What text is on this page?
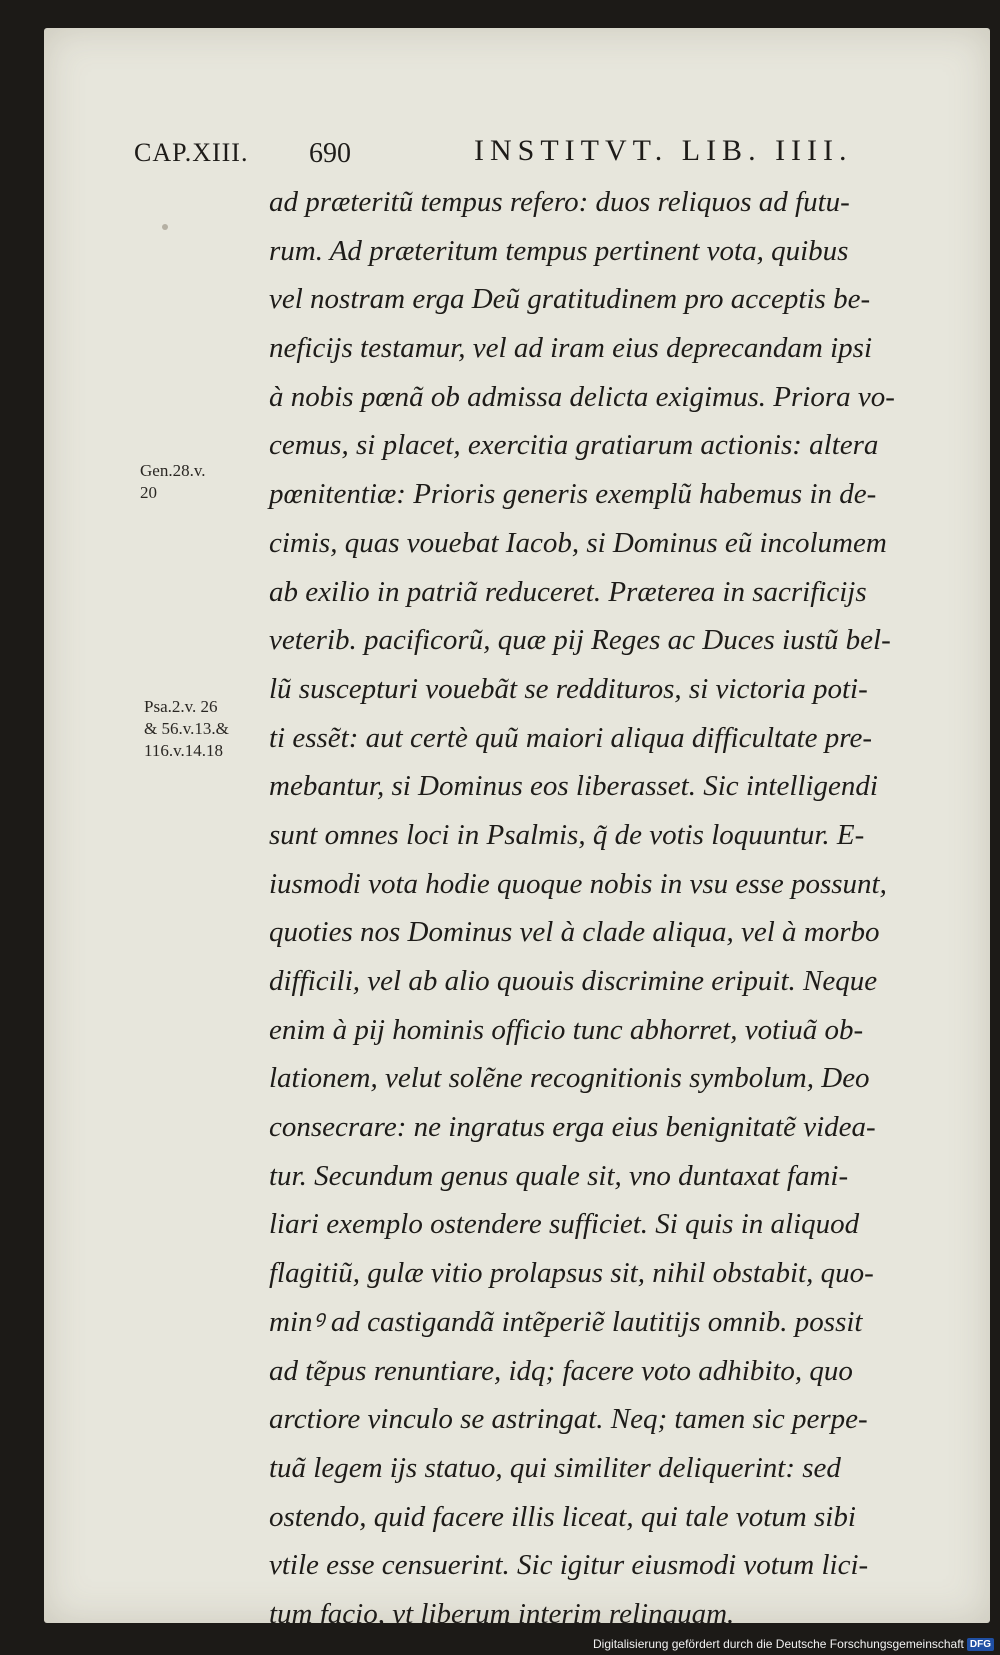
CAP.XIII. 690	INSTITVT. LIB. IIII.
Gen.28.v.
20
Psa.2.v. 26
& 56.v.13.&
116.v.14.18
ad præteritũ tempus refero: duos reliquos ad futu-
rum. Ad præteritum tempus pertinent vota, quibus
vel nostram erga Deũ gratitudinem pro acceptis be-
neficijs testamur, vel ad iram eius deprecandam ipsi
à nobis pœnã ob admissa delicta exigimus. Priora vo-
cemus, si placet, exercitia gratiarum actionis: altera
pœnitentiæ: Prioris generis exemplũ habemus in de-
cimis, quas vouebat Iacob, si Dominus eũ incolumem
ab exilio in patriã reduceret. Præterea in sacrificijs
veterib. pacificorũ, quæ pij Reges ac Duces iustũ bel-
lũ suscepturi vouebãt se reddituros, si victoria poti-
ti essẽt: aut certè quũ maiori aliqua difficultate pre-
mebantur, si Dominus eos liberasset. Sic intelligendi
sunt omnes loci in Psalmis, q̃ de votis loquuntur. E-
iusmodi vota hodie quoque nobis in vsu esse possunt,
quoties nos Dominus vel à clade aliqua, vel à morbo
difficili, vel ab alio quouis discrimine eripuit. Neque
enim à pij hominis officio tunc abhorret, votiuã ob-
lationem, velut solẽne recognitionis symbolum, Deo
consecrare: ne ingratus erga eius benignitatẽ videa-
tur. Secundum genus quale sit, vno duntaxat fami-
liari exemplo ostendere sufficiet. Si quis in aliquod
flagitiũ, gulæ vitio prolapsus sit, nihil obstabit, quo-
minꝰ ad castigandã intẽperiẽ lautitijs omnib. possit
ad tẽpus renuntiare, idq; facere voto adhibito, quo
arctiore vinculo se astringat. Neq; tamen sic perpe-
tuã legem ijs statuo, qui similiter deliquerint: sed
ostendo, quid facere illis liceat, qui tale votum sibi
vtile esse censuerint. Sic igitur eiusmodi votum lici-
tum facio, vt liberum interim relinquam.
Digitalisierung gefördert durch die Deutsche Forschungsgemeinschaft DFG
